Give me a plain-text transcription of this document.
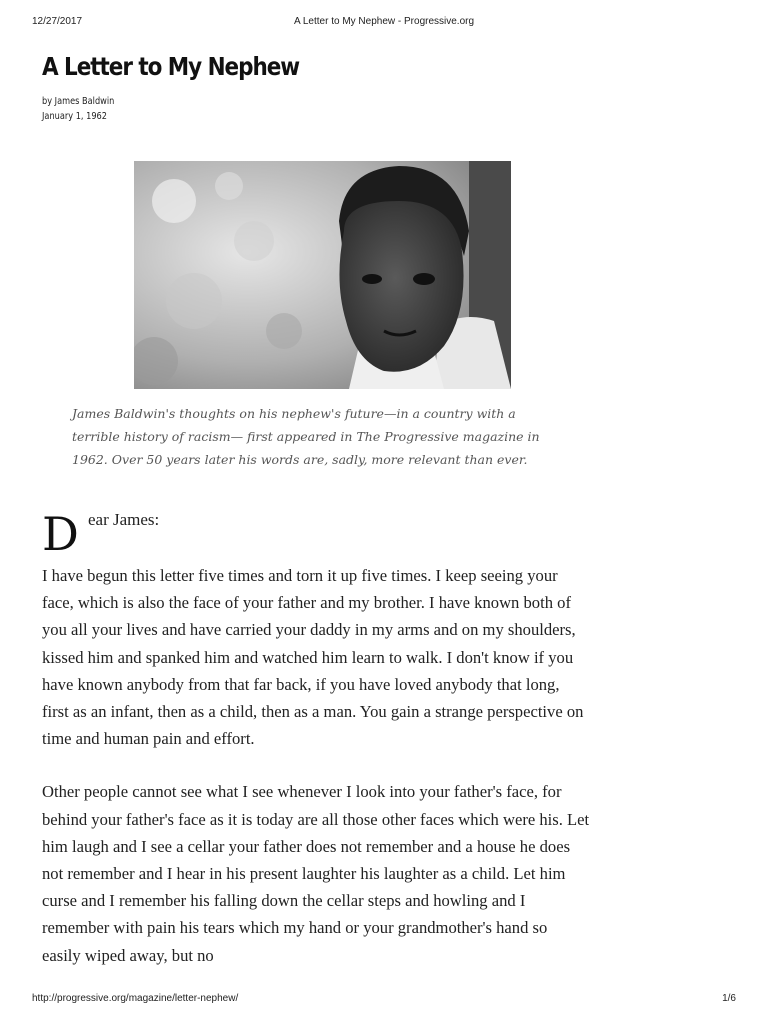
12/27/2017	A Letter to My Nephew - Progressive.org
A Letter to My Nephew
by James Baldwin
January 1, 1962

James Baldwin's thoughts on his nephew's future—in a country with a terrible history of racism— first appeared in The Progressive magazine in 1962. Over 50 years later his words are, sadly, more relevant than ever.

D ear James:

I have begun this letter five times and torn it up five times. I keep seeing your face, which is also the face of your father and my brother. I have known both of you all your lives and have carried your daddy in my arms and on my shoulders, kissed him and spanked him and watched him learn to walk. I don't know if you have known anybody from that far back, if you have loved anybody that long, first as an infant, then as a child, then as a man. You gain a strange perspective on time and human pain and effort.

Other people cannot see what I see whenever I look into your father's face, for behind your father's face as it is today are all those other faces which were his. Let him laugh and I see a cellar your father does not remember and a house he does not remember and I hear in his present laughter his laughter as a child. Let him curse and I remember his falling down the cellar steps and howling and I remember with pain his tears which my hand or your grandmother's hand so easily wiped away, but no

http://progressive.org/magazine/letter-nephew/	1/6
